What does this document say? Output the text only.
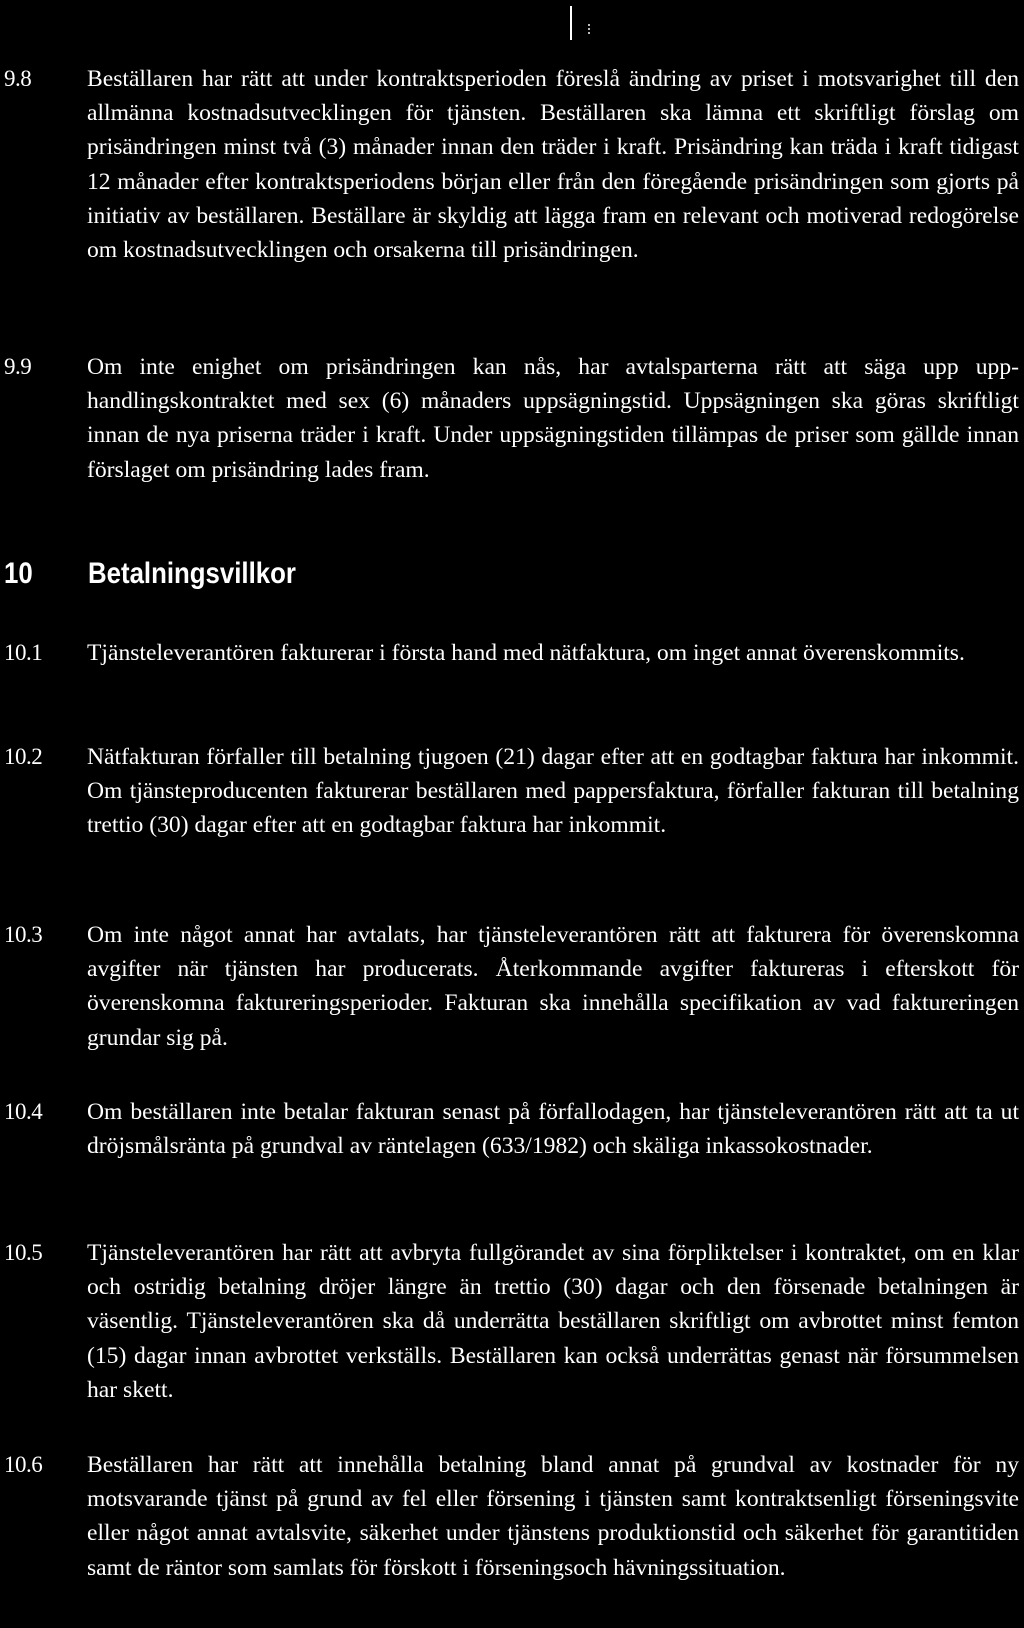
9.8 Beställaren har rätt att under kontraktsperioden föreslå ändring av priset i motsvarighet till den allmänna kostnadsutvecklingen för tjänsten. Beställaren ska lämna ett skriftligt förslag om prisändringen minst två (3) månader innan den träder i kraft. Prisändring kan träda i kraft tidigast 12 månader efter kontraktsperiodens början eller från den föregående prisändringen som gjorts på initiativ av beställaren. Beställare är skyldig att lägga fram en relevant och motiverad redogörelse om kostnadsutvecklingen och orsakerna till prisändringen.

9.9 Om inte enighet om prisändringen kan nås, har avtalsparterna rätt att säga upp upphandlingskontraktet med sex (6) månaders uppsägningstid. Uppsägningen ska göras skriftligt innan de nya priserna träder i kraft. Under uppsägningstiden tillämpas de priser som gällde innan förslaget om prisändring lades fram.

10 Betalningsvillkor
10.1 Tjänsteleverantören fakturerar i första hand med nätfaktura, om inget annat överenskommits.

10.2 Nätfakturan förfaller till betalning tjugoen (21) dagar efter att en godtagbar faktura har inkommit. Om tjänsteproducenten fakturerar beställaren med pappersfaktura, förfaller fakturan till betalning trettio (30) dagar efter att en godtagbar faktura har inkommit.

10.3 Om inte något annat har avtalats, har tjänsteleverantören rätt att fakturera för överenskomna avgifter när tjänsten har producerats. Återkommande avgifter faktureras i efterskott för överenskomna faktureringsperioder. Fakturan ska innehålla specifikation av vad faktureringen grundar sig på.

10.4 Om beställaren inte betalar fakturan senast på förfallodagen, har tjänsteleverantören rätt att ta ut dröjsmålsränta på grundval av räntelagen (633/1982) och skäliga inkassokostnader.

10.5 Tjänsteleverantören har rätt att avbryta fullgörandet av sina förpliktelser i kontraktet, om en klar och ostridig betalning dröjer längre än trettio (30) dagar och den försenade betalningen är väsentlig. Tjänsteleverantören ska då underrätta beställaren skriftligt om avbrottet minst femton (15) dagar innan avbrottet verkställs. Beställaren kan också underrättas genast när försummelsen har skett.

10.6 Beställaren har rätt att innehålla betalning bland annat på grundval av kostnader för ny motsvarande tjänst på grund av fel eller försening i tjänsten samt kontraktsenligt förseningsvite eller något annat avtalsvite, säkerhet under tjänstens produktionstid och säkerhet för garantitiden samt de räntor som samlats för förskott i förseningsoch hävningssituation.
